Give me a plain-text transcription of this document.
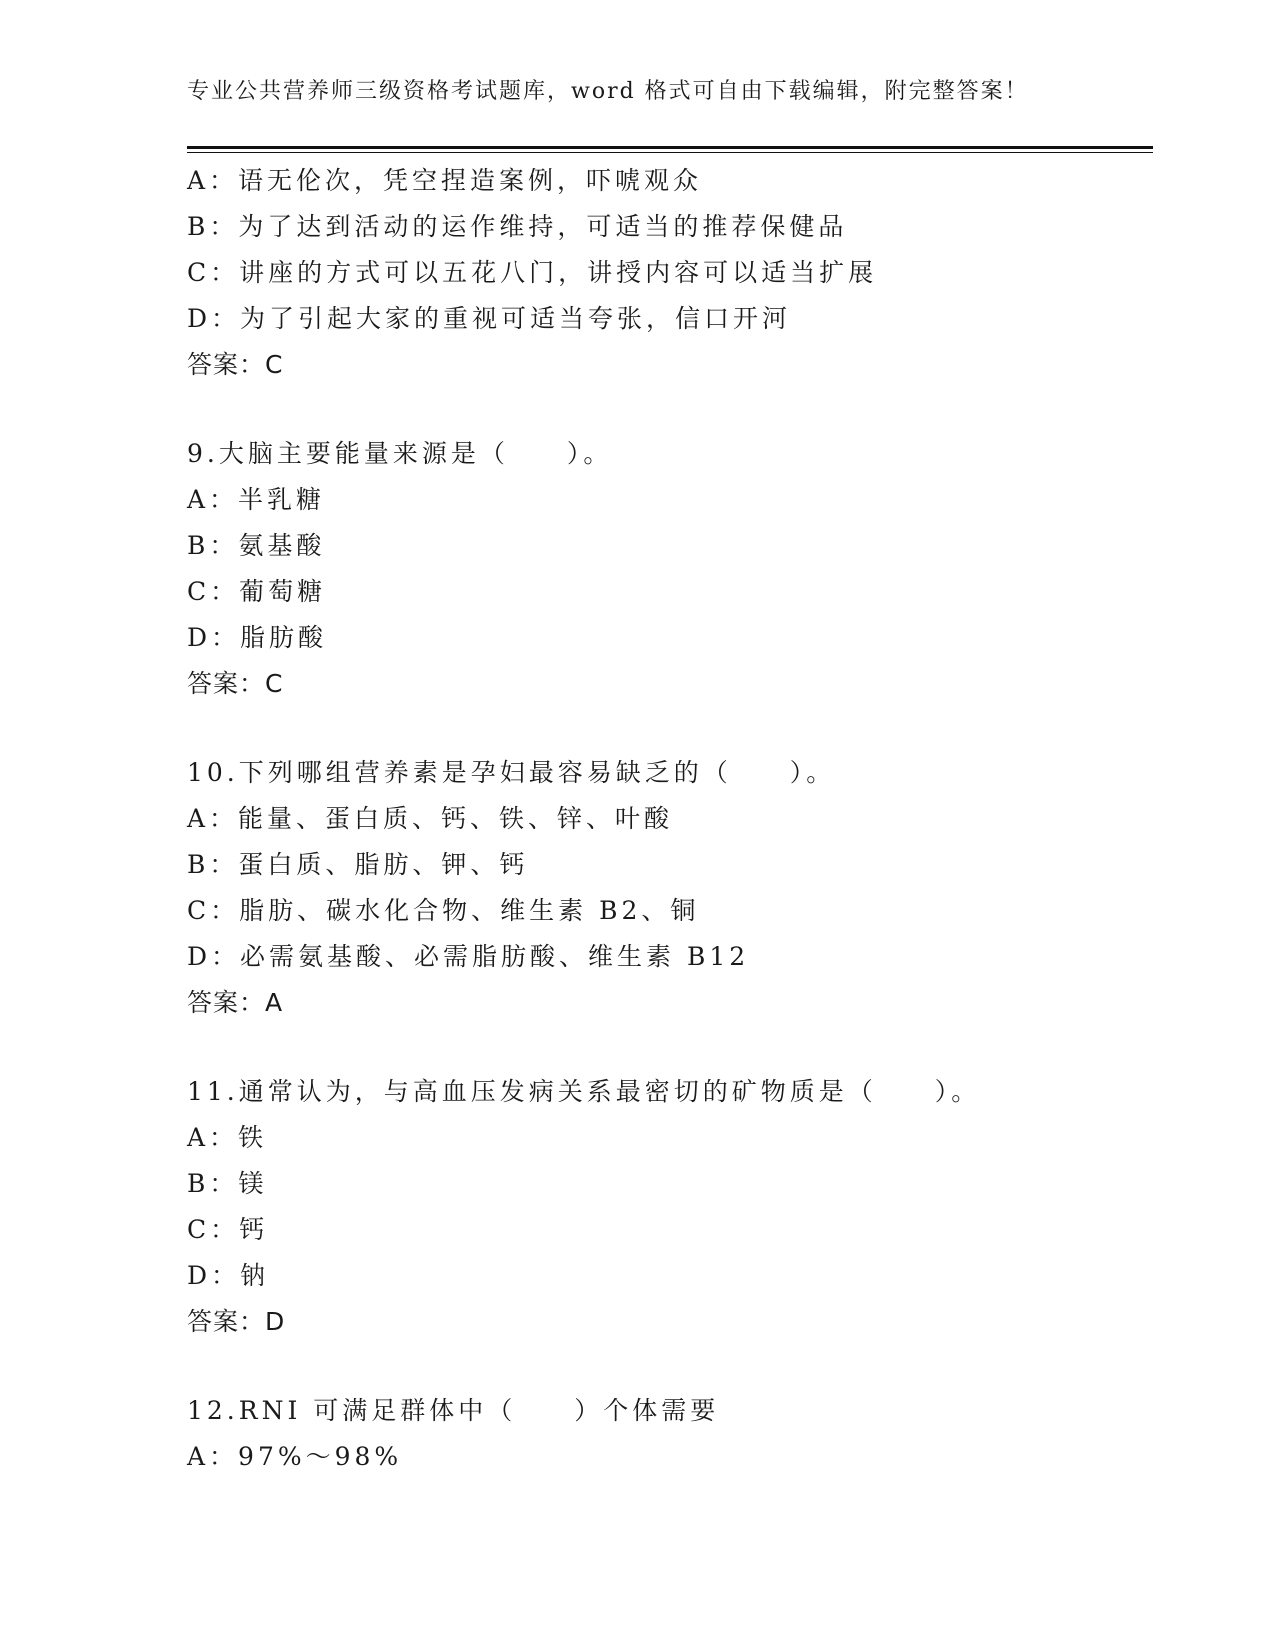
专业公共营养师三级资格考试题库，word 格式可自由下载编辑，附完整答案！
A：语无伦次，凭空捏造案例，吓唬观众
B：为了达到活动的运作维持，可适当的推荐保健品
C：讲座的方式可以五花八门，讲授内容可以适当扩展
D：为了引起大家的重视可适当夸张，信口开河
答案：C
9.大脑主要能量来源是（　　）。
A：半乳糖
B：氨基酸
C：葡萄糖
D：脂肪酸
答案：C
10.下列哪组营养素是孕妇最容易缺乏的（　　）。
A：能量、蛋白质、钙、铁、锌、叶酸
B：蛋白质、脂肪、钾、钙
C：脂肪、碳水化合物、维生素 B2、铜
D：必需氨基酸、必需脂肪酸、维生素 B12
答案：A
11.通常认为，与高血压发病关系最密切的矿物质是（　　）。
A：铁
B：镁
C：钙
D：钠
答案：D
12.RNI 可满足群体中（　　）个体需要
A：97%～98%
